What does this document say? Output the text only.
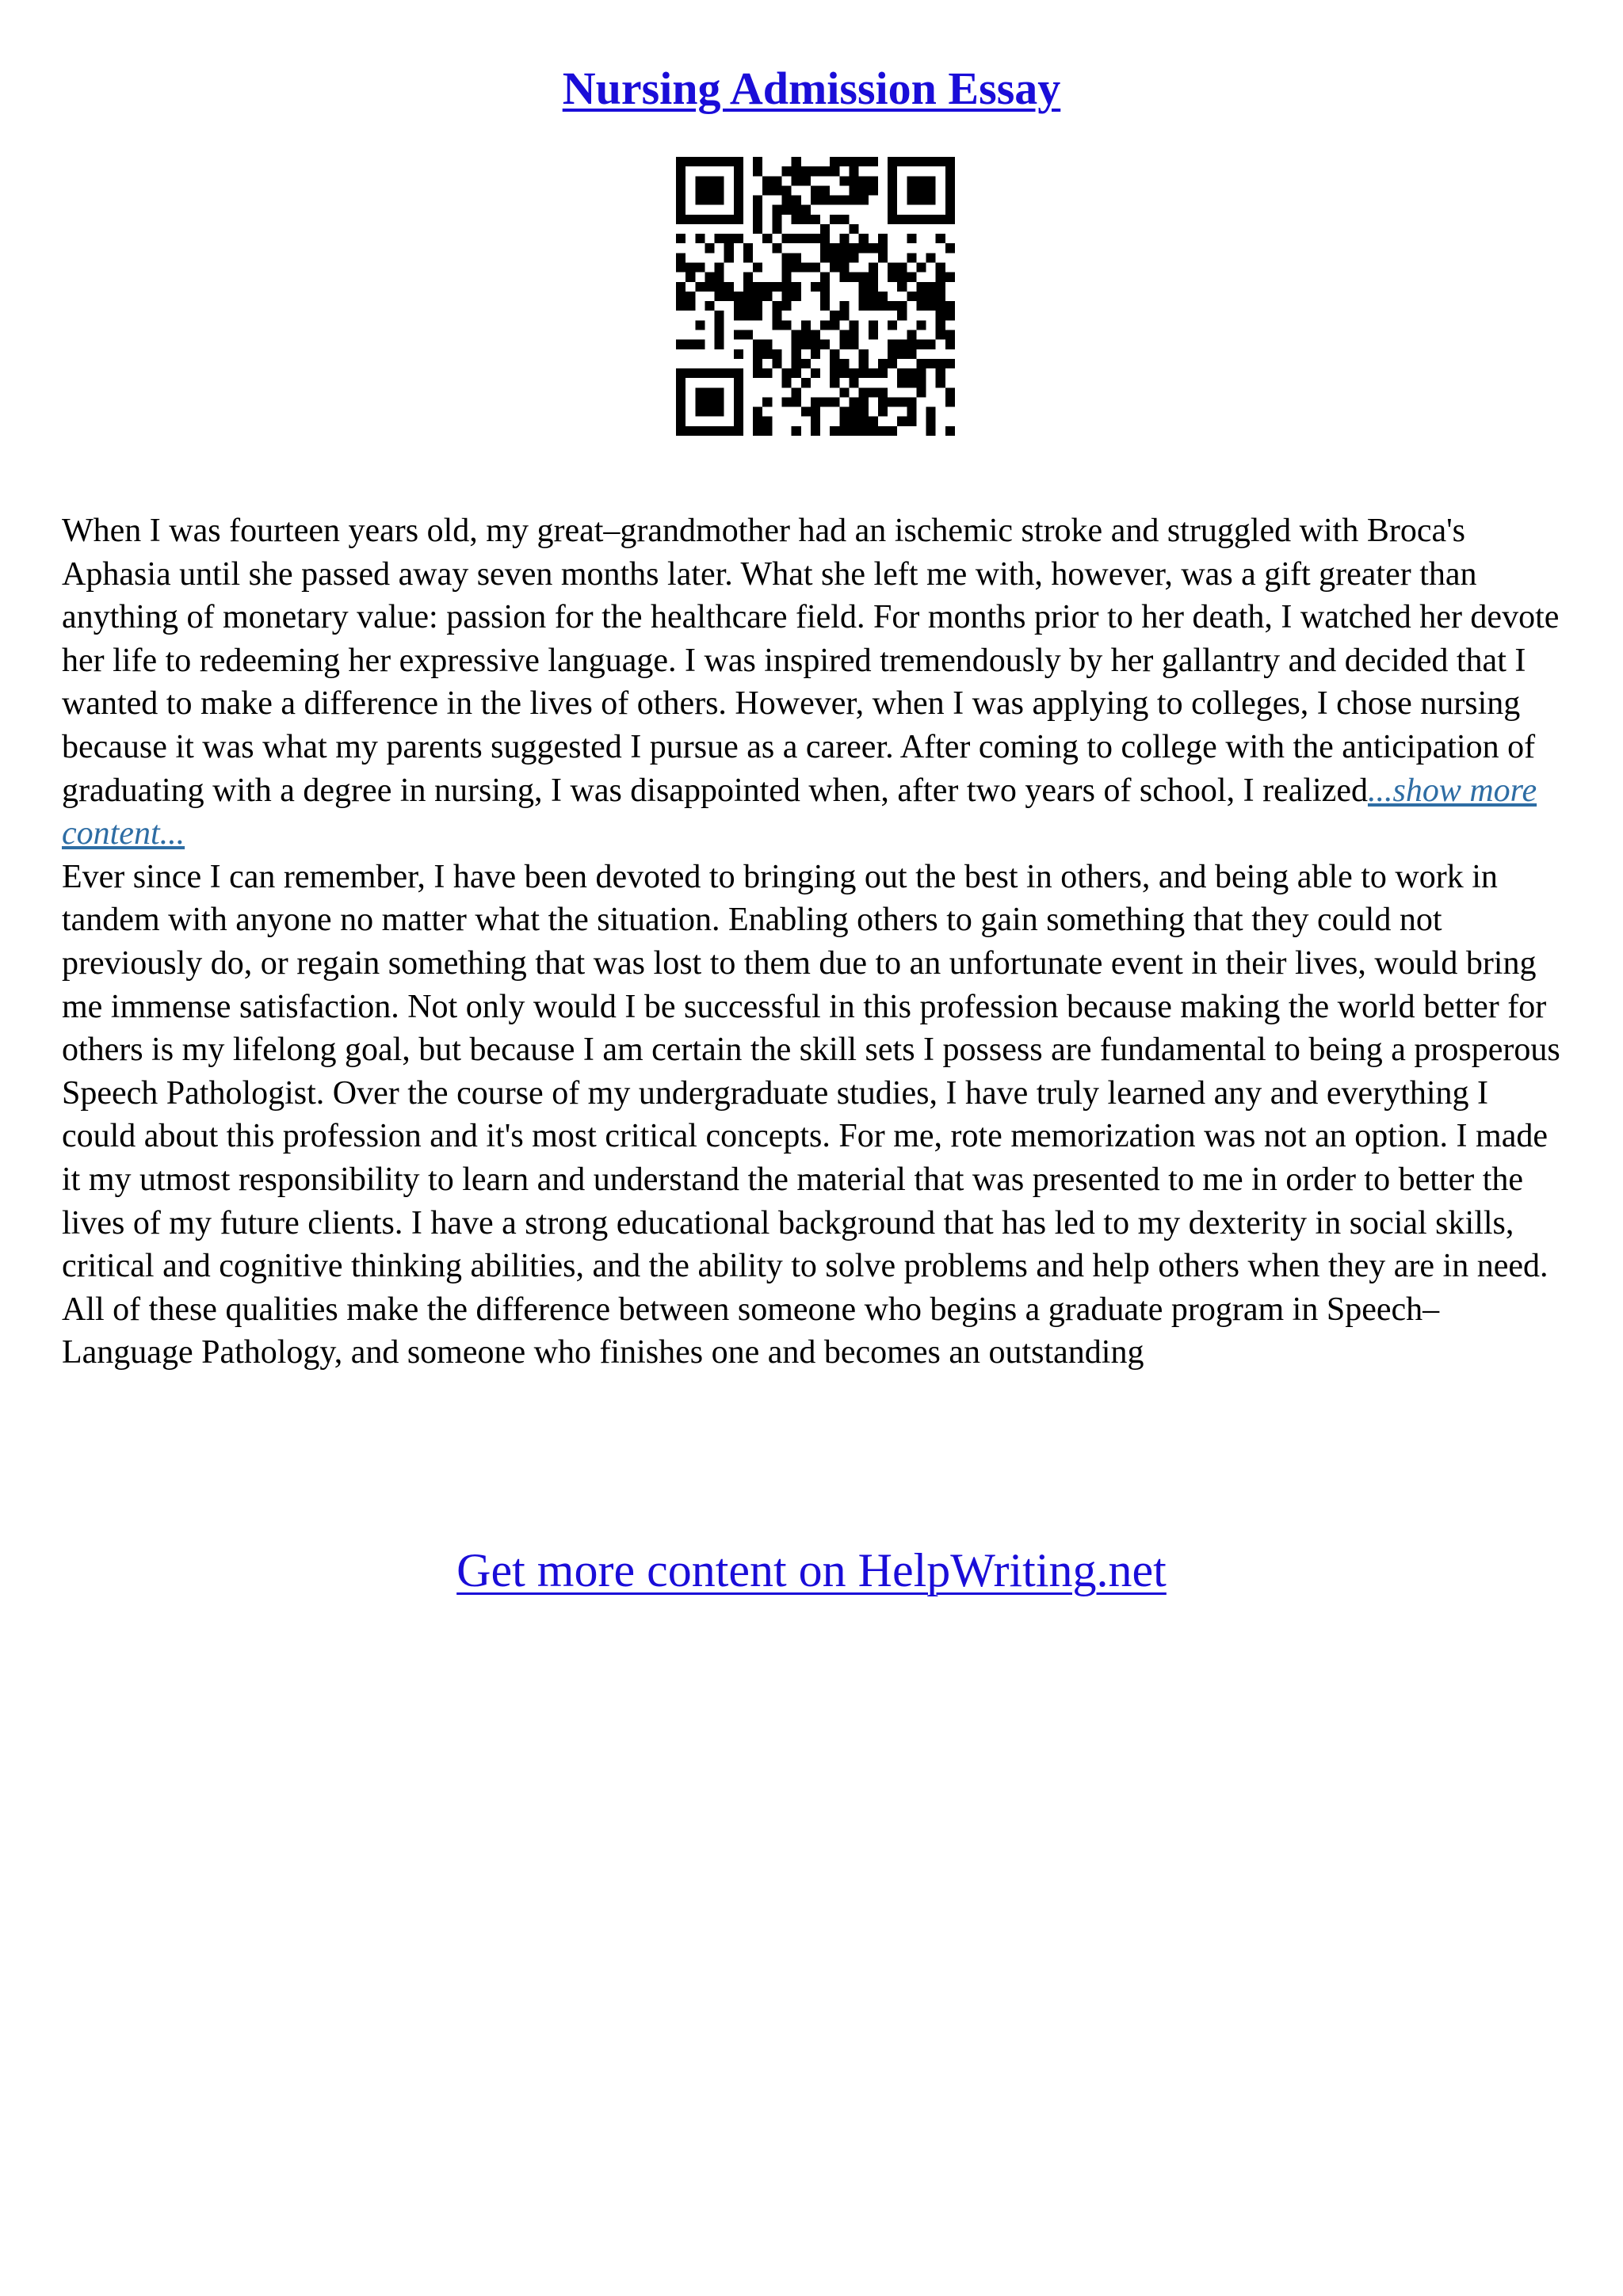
Nursing Admission Essay

When I was fourteen years old, my great–grandmother had an ischemic stroke and struggled with Broca's Aphasia until she passed away seven months later. What she left me with, however, was a gift greater than anything of monetary value: passion for the healthcare field. For months prior to her death, I watched her devote her life to redeeming her expressive language. I was inspired tremendously by her gallantry and decided that I wanted to make a difference in the lives of others. However, when I was applying to colleges, I chose nursing because it was what my parents suggested I pursue as a career. After coming to college with the anticipation of graduating with a degree in nursing, I was disappointed when, after two years of school, I realized...show more content...

Ever since I can remember, I have been devoted to bringing out the best in others, and being able to work in tandem with anyone no matter what the situation. Enabling others to gain something that they could not previously do, or regain something that was lost to them due to an unfortunate event in their lives, would bring me immense satisfaction. Not only would I be successful in this profession because making the world better for others is my lifelong goal, but because I am certain the skill sets I possess are fundamental to being a prosperous Speech Pathologist. Over the course of my undergraduate studies, I have truly learned any and everything I could about this profession and it's most critical concepts. For me, rote memorization was not an option. I made it my utmost responsibility to learn and understand the material that was presented to me in order to better the lives of my future clients. I have a strong educational background that has led to my dexterity in social skills, critical and cognitive thinking abilities, and the ability to solve problems and help others when they are in need. All of these qualities make the difference between someone who begins a graduate program in Speech–Language Pathology, and someone who finishes one and becomes an outstanding

Get more content on HelpWriting.net
